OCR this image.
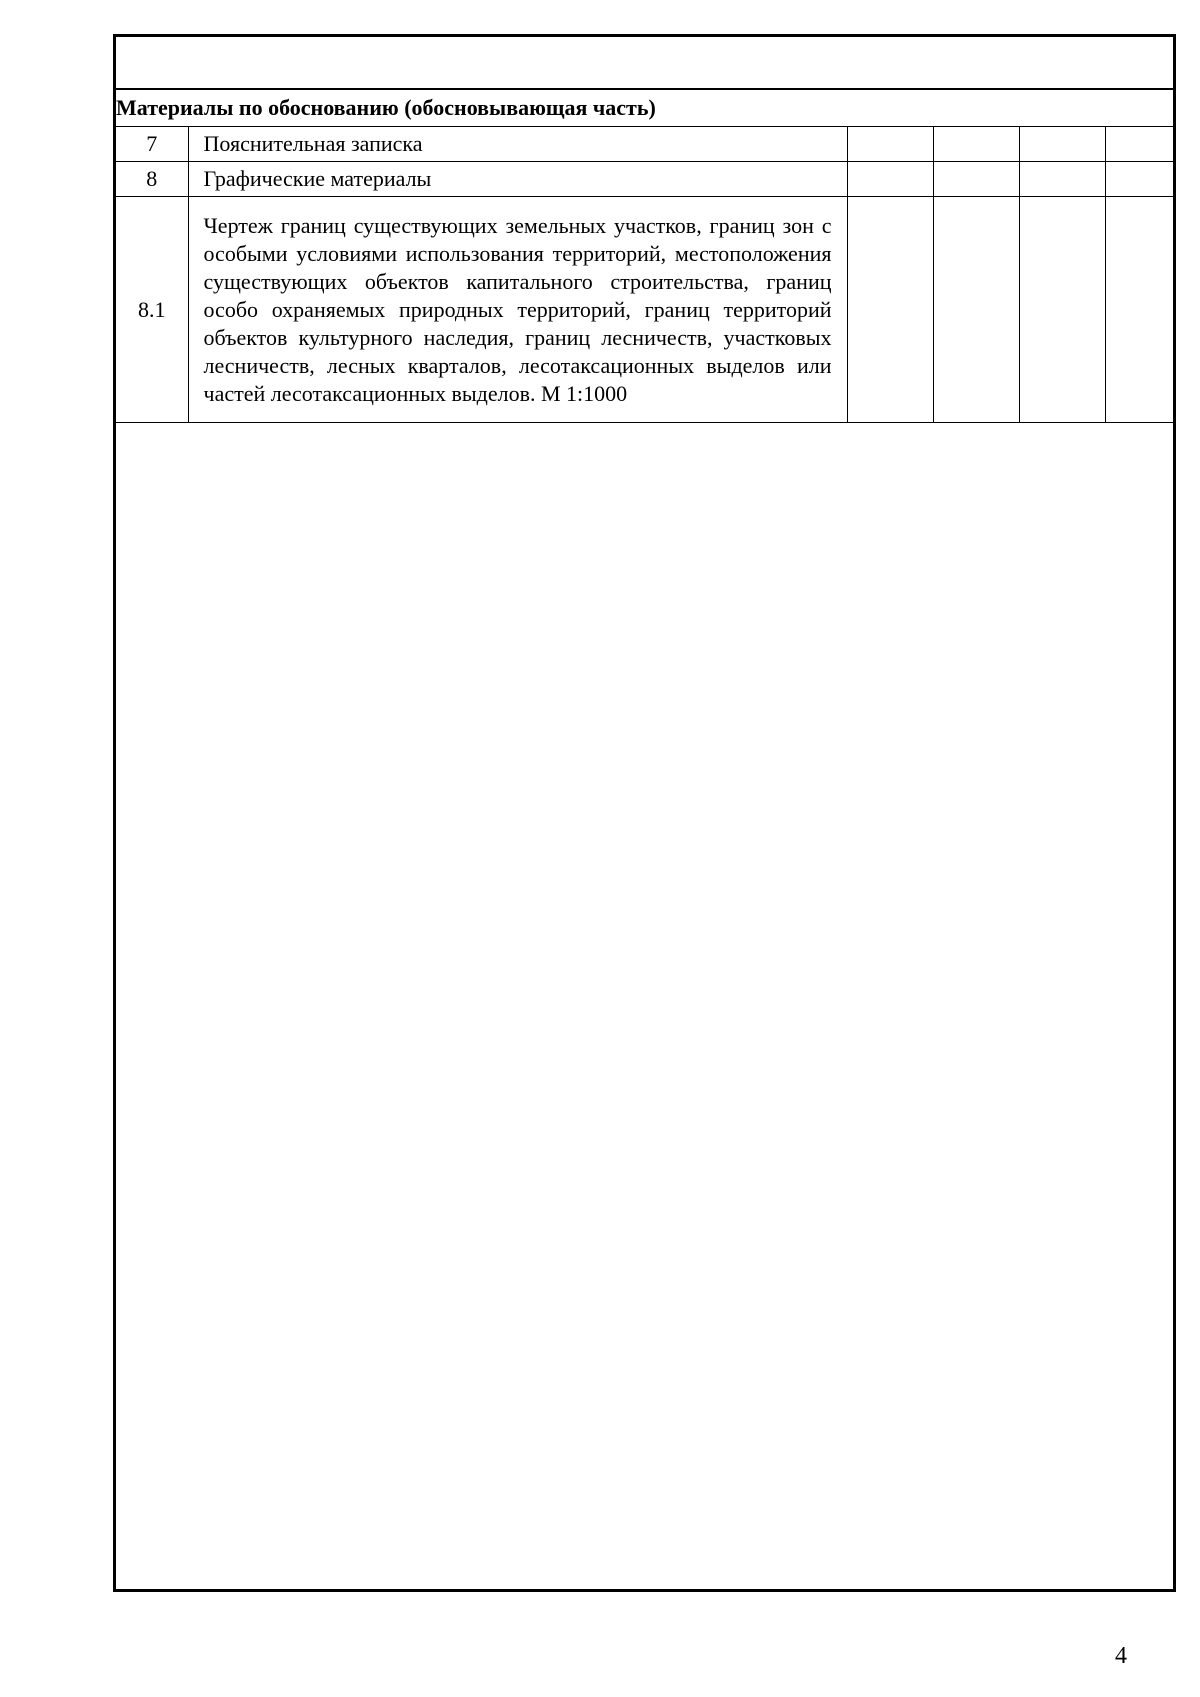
Материалы по обоснованию (обосновывающая часть)					
7	Пояснительная записка				
8	Графические материалы				
8.1	Чертеж границ существующих земельных участков, границ зон с особыми условиями использования территорий, местоположения существующих объектов капитального строительства, границ особо охраняемых природных территорий, границ территорий объектов культурного наследия, границ лесничеств, участковых лесничеств, лесных кварталов, лесотаксационных выделов или частей лесотаксационных выделов. М 1:1000				
4
